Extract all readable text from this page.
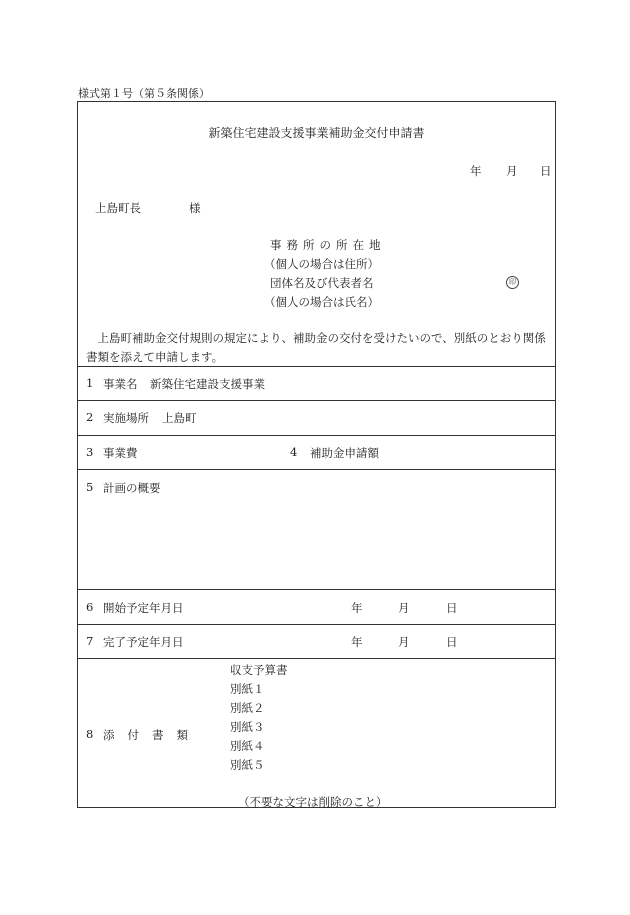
様式第１号（第５条関係）
新築住宅建設支援事業補助金交付申請書
年 月 日
上島町長	様
事務所の所在地
（個人の場合は住所）
団体名及び代表者名	印
（個人の場合は氏名）
上島町補助金交付規則の規定により、補助金の交付を受けたいので、別紙のとおり関係書類を添えて申請します。
1 事業名 新築住宅建設支援事業
2 実施場所 上島町
3 事業費	4 補助金申請額
5 計画の概要
6 開始予定年月日	年	月	日
7 完了予定年月日	年	月	日
8 添付書類
収支予算書
別紙１
別紙２
別紙３
別紙４
別紙５
（不要な文字は削除のこと）
